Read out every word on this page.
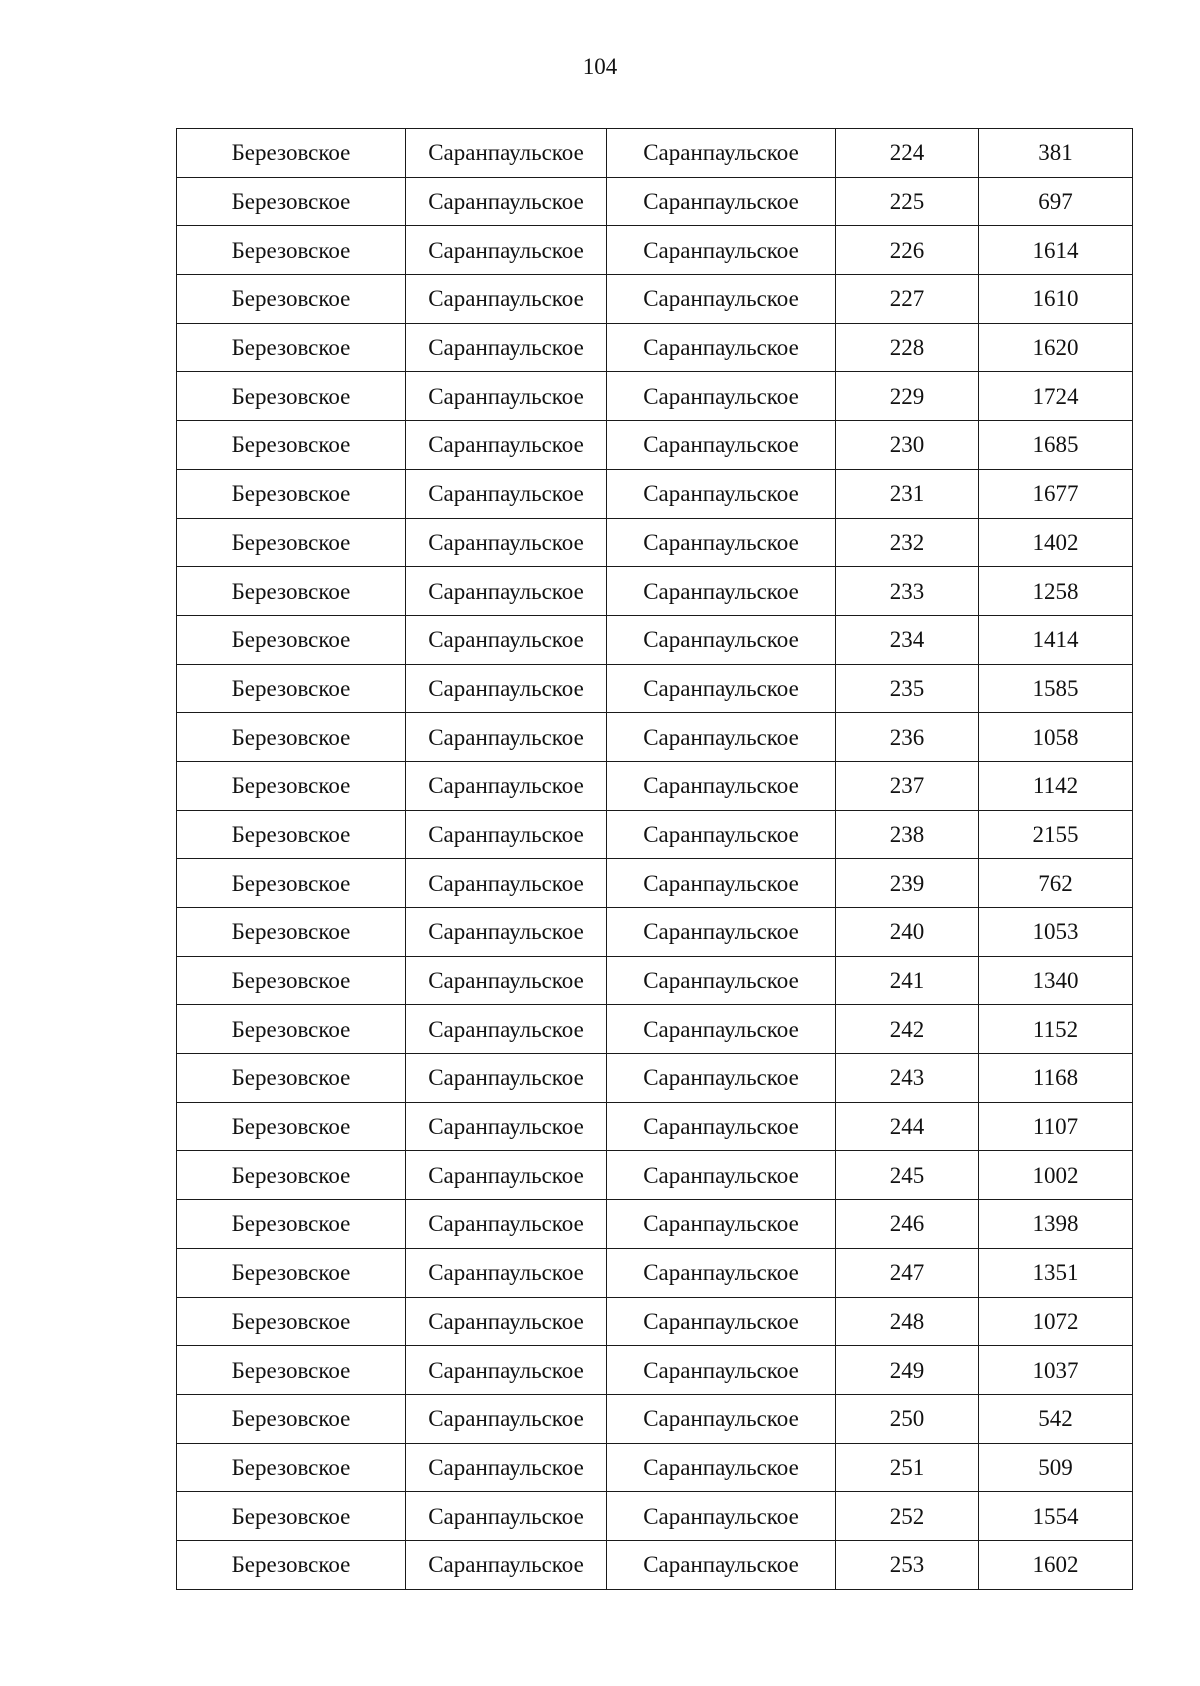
104
Березовское	Саранпаульское	Саранпаульское	224	381
Березовское	Саранпаульское	Саранпаульское	225	697
Березовское	Саранпаульское	Саранпаульское	226	1614
Березовское	Саранпаульское	Саранпаульское	227	1610
Березовское	Саранпаульское	Саранпаульское	228	1620
Березовское	Саранпаульское	Саранпаульское	229	1724
Березовское	Саранпаульское	Саранпаульское	230	1685
Березовское	Саранпаульское	Саранпаульское	231	1677
Березовское	Саранпаульское	Саранпаульское	232	1402
Березовское	Саранпаульское	Саранпаульское	233	1258
Березовское	Саранпаульское	Саранпаульское	234	1414
Березовское	Саранпаульское	Саранпаульское	235	1585
Березовское	Саранпаульское	Саранпаульское	236	1058
Березовское	Саранпаульское	Саранпаульское	237	1142
Березовское	Саранпаульское	Саранпаульское	238	2155
Березовское	Саранпаульское	Саранпаульское	239	762
Березовское	Саранпаульское	Саранпаульское	240	1053
Березовское	Саранпаульское	Саранпаульское	241	1340
Березовское	Саранпаульское	Саранпаульское	242	1152
Березовское	Саранпаульское	Саранпаульское	243	1168
Березовское	Саранпаульское	Саранпаульское	244	1107
Березовское	Саранпаульское	Саранпаульское	245	1002
Березовское	Саранпаульское	Саранпаульское	246	1398
Березовское	Саранпаульское	Саранпаульское	247	1351
Березовское	Саранпаульское	Саранпаульское	248	1072
Березовское	Саранпаульское	Саранпаульское	249	1037
Березовское	Саранпаульское	Саранпаульское	250	542
Березовское	Саранпаульское	Саранпаульское	251	509
Березовское	Саранпаульское	Саранпаульское	252	1554
Березовское	Саранпаульское	Саранпаульское	253	1602
